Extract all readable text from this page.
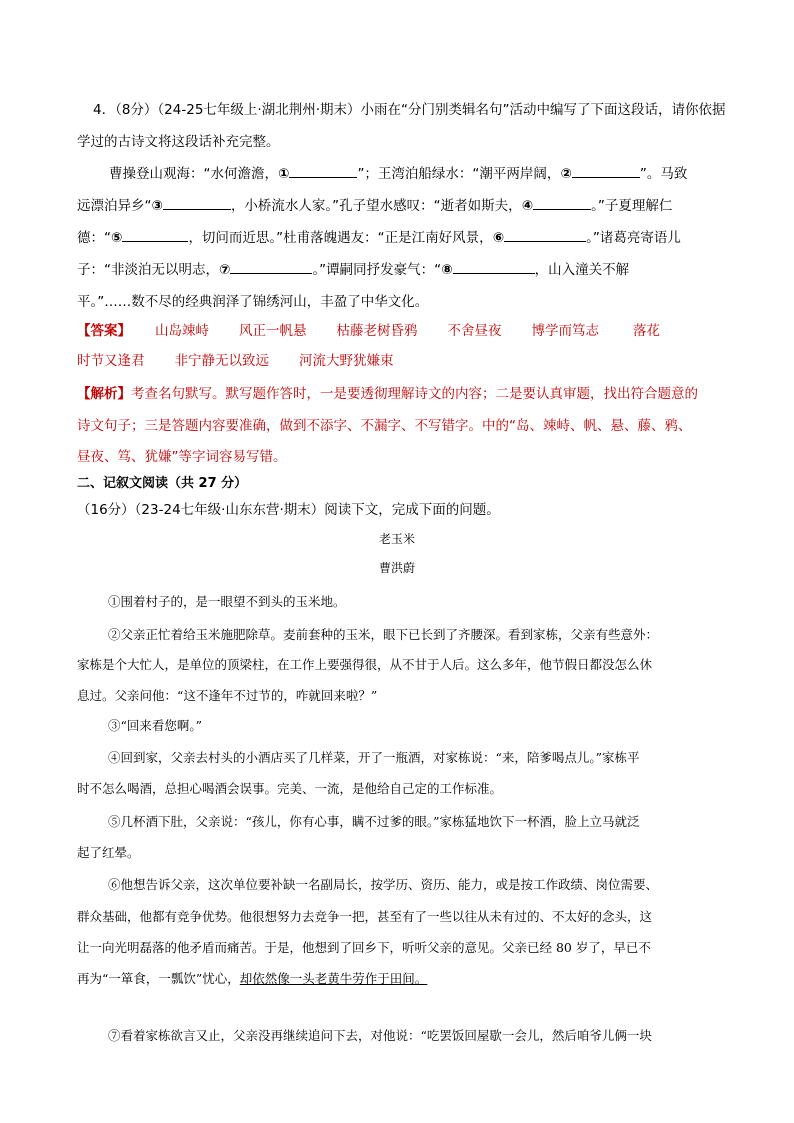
4．（8分）（24-25七年级上·湖北荆州·期末）小雨在“分门别类辑名句”活动中编写了下面这段话，请你依据
学过的古诗文将这段话补充完整。
曹操登山观海：“水何澹澹，①	”；王湾泊船绿水：“潮平两岸阔，②	”。马致
远漂泊异乡“③	，小桥流水人家。”孔子望水感叹：“逝者如斯夫，④	。”子夏理解仁
德：“⑤	，切问而近思。”杜甫落魄遇友：“正是江南好风景，⑥	。”诸葛亮寄语儿
子：“非淡泊无以明志，⑦	。”谭嗣同抒发豪气：“⑧	，山入潼关不解
平。”……数不尽的经典润泽了锦绣河山，丰盈了中华文化。
【答案】 山岛竦峙 风正一帆悬 枯藤老树昏鸦 不舍昼夜 博学而笃志	落花
时节又逢君 非宁静无以致远 河流大野犹嫌束
【解析】考查名句默写。默写题作答时，一是要透彻理解诗文的内容；二是要认真审题，找出符合题意的
诗文句子；三是答题内容要准确，做到不添字、不漏字、不写错字。中的“岛、竦峙、帆、悬、藤、鸦、
昼夜、笃、犹嫌”等字词容易写错。
二、记叙文阅读（共 27 分）
（16分）（23-24七年级·山东东营·期末）阅读下文，完成下面的问题。
老玉米
曹洪蔚
①围着村子的，是一眼望不到头的玉米地。
②父亲正忙着给玉米施肥除草。麦前套种的玉米，眼下已长到了齐腰深。看到家栋，父亲有些意外：
家栋是个大忙人，是单位的顶梁柱，在工作上要强得很，从不甘于人后。这么多年，他节假日都没怎么休
息过。父亲问他：“这不逢年不过节的，咋就回来啦？”
③“回来看您啊。”
④回到家，父亲去村头的小酒店买了几样菜，开了一瓶酒，对家栋说：“来，陪爹喝点儿。”家栋平
时不怎么喝酒，总担心喝酒会误事。完美、一流，是他给自己定的工作标准。
⑤几杯酒下肚，父亲说：“孩儿，你有心事，瞒不过爹的眼。”家栋猛地饮下一杯酒，脸上立马就泛
起了红晕。
⑥他想告诉父亲，这次单位要补缺一名副局长，按学历、资历、能力，或是按工作政绩、岗位需要、
群众基础，他都有竞争优势。他很想努力去竞争一把，甚至有了一些以往从未有过的、不太好的念头，这
让一向光明磊落的他矛盾而痛苦。于是，他想到了回乡下，听听父亲的意见。父亲已经 80 岁了，早已不
再为“一箪食，一瓢饮”忧心，却依然像一头老黄牛劳作于田间。
⑦看着家栋欲言又止，父亲没再继续追问下去，对他说：“吃罢饭回屋歇一会儿，然后咱爷儿俩一块
